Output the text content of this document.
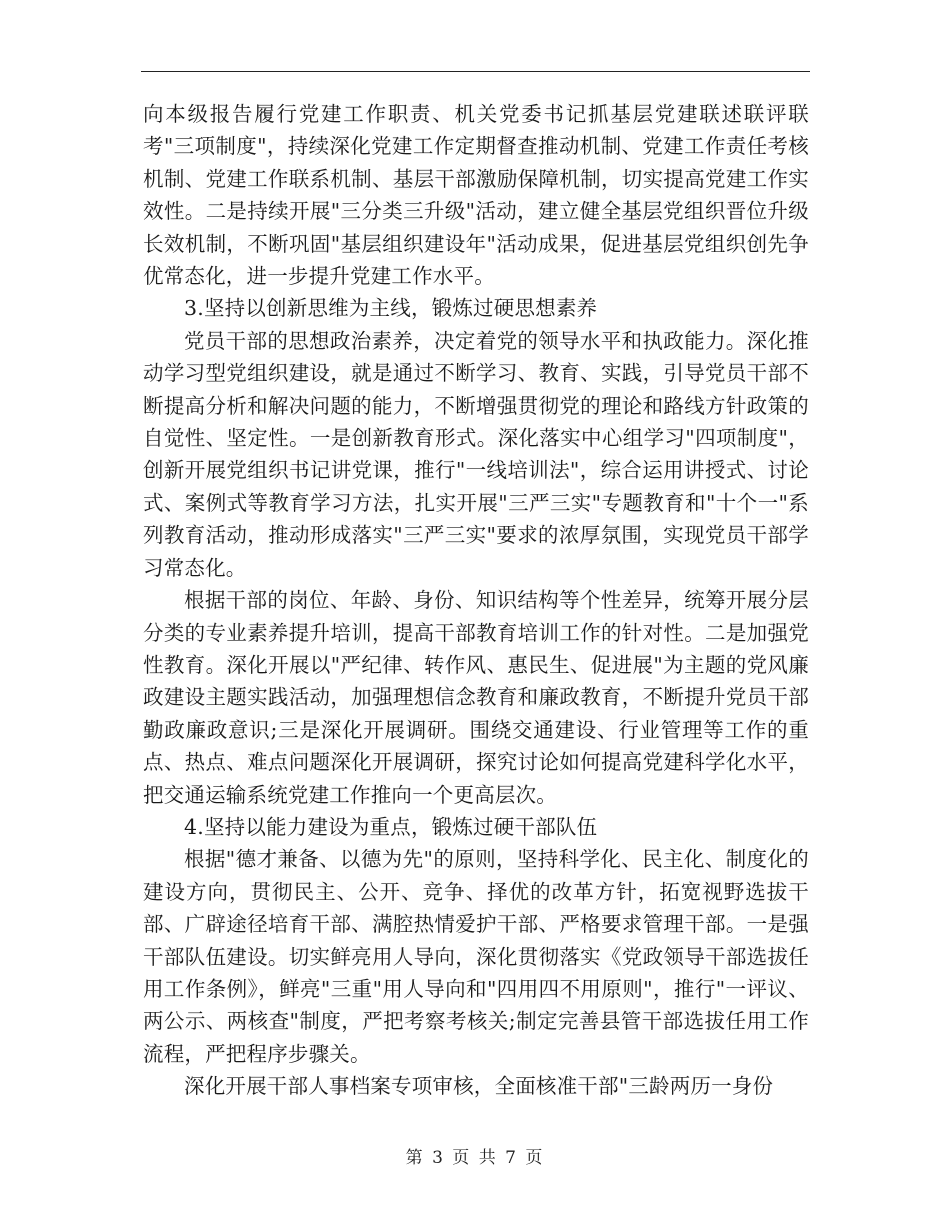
向本级报告履行党建工作职责、机关党委书记抓基层党建联述联评联考"三项制度"，持续深化党建工作定期督查推动机制、党建工作责任考核机制、党建工作联系机制、基层干部激励保障机制，切实提高党建工作实效性。二是持续开展"三分类三升级"活动，建立健全基层党组织晋位升级长效机制，不断巩固"基层组织建设年"活动成果，促进基层党组织创先争优常态化，进一步提升党建工作水平。

3.坚持以创新思维为主线，锻炼过硬思想素养

党员干部的思想政治素养，决定着党的领导水平和执政能力。深化推动学习型党组织建设，就是通过不断学习、教育、实践，引导党员干部不断提高分析和解决问题的能力，不断增强贯彻党的理论和路线方针政策的自觉性、坚定性。一是创新教育形式。深化落实中心组学习"四项制度"，创新开展党组织书记讲党课，推行"一线培训法"，综合运用讲授式、讨论式、案例式等教育学习方法，扎实开展"三严三实"专题教育和"十个一"系列教育活动，推动形成落实"三严三实"要求的浓厚氛围，实现党员干部学习常态化。

根据干部的岗位、年龄、身份、知识结构等个性差异，统筹开展分层分类的专业素养提升培训，提高干部教育培训工作的针对性。二是加强党性教育。深化开展以"严纪律、转作风、惠民生、促进展"为主题的党风廉政建设主题实践活动，加强理想信念教育和廉政教育，不断提升党员干部勤政廉政意识;三是深化开展调研。围绕交通建设、行业管理等工作的重点、热点、难点问题深化开展调研，探究讨论如何提高党建科学化水平，把交通运输系统党建工作推向一个更高层次。

4.坚持以能力建设为重点，锻炼过硬干部队伍

根据"德才兼备、以德为先"的原则，坚持科学化、民主化、制度化的建设方向，贯彻民主、公开、竞争、择优的改革方针，拓宽视野选拔干部、广辟途径培育干部、满腔热情爱护干部、严格要求管理干部。一是强干部队伍建设。切实鲜亮用人导向，深化贯彻落实《党政领导干部选拔任用工作条例》，鲜亮"三重"用人导向和"四用四不用原则"，推行"一评议、两公示、两核查"制度，严把考察考核关;制定完善县管干部选拔任用工作流程，严把程序步骤关。

深化开展干部人事档案专项审核，全面核准干部"三龄两历一身份

第 3 页 共 7 页
